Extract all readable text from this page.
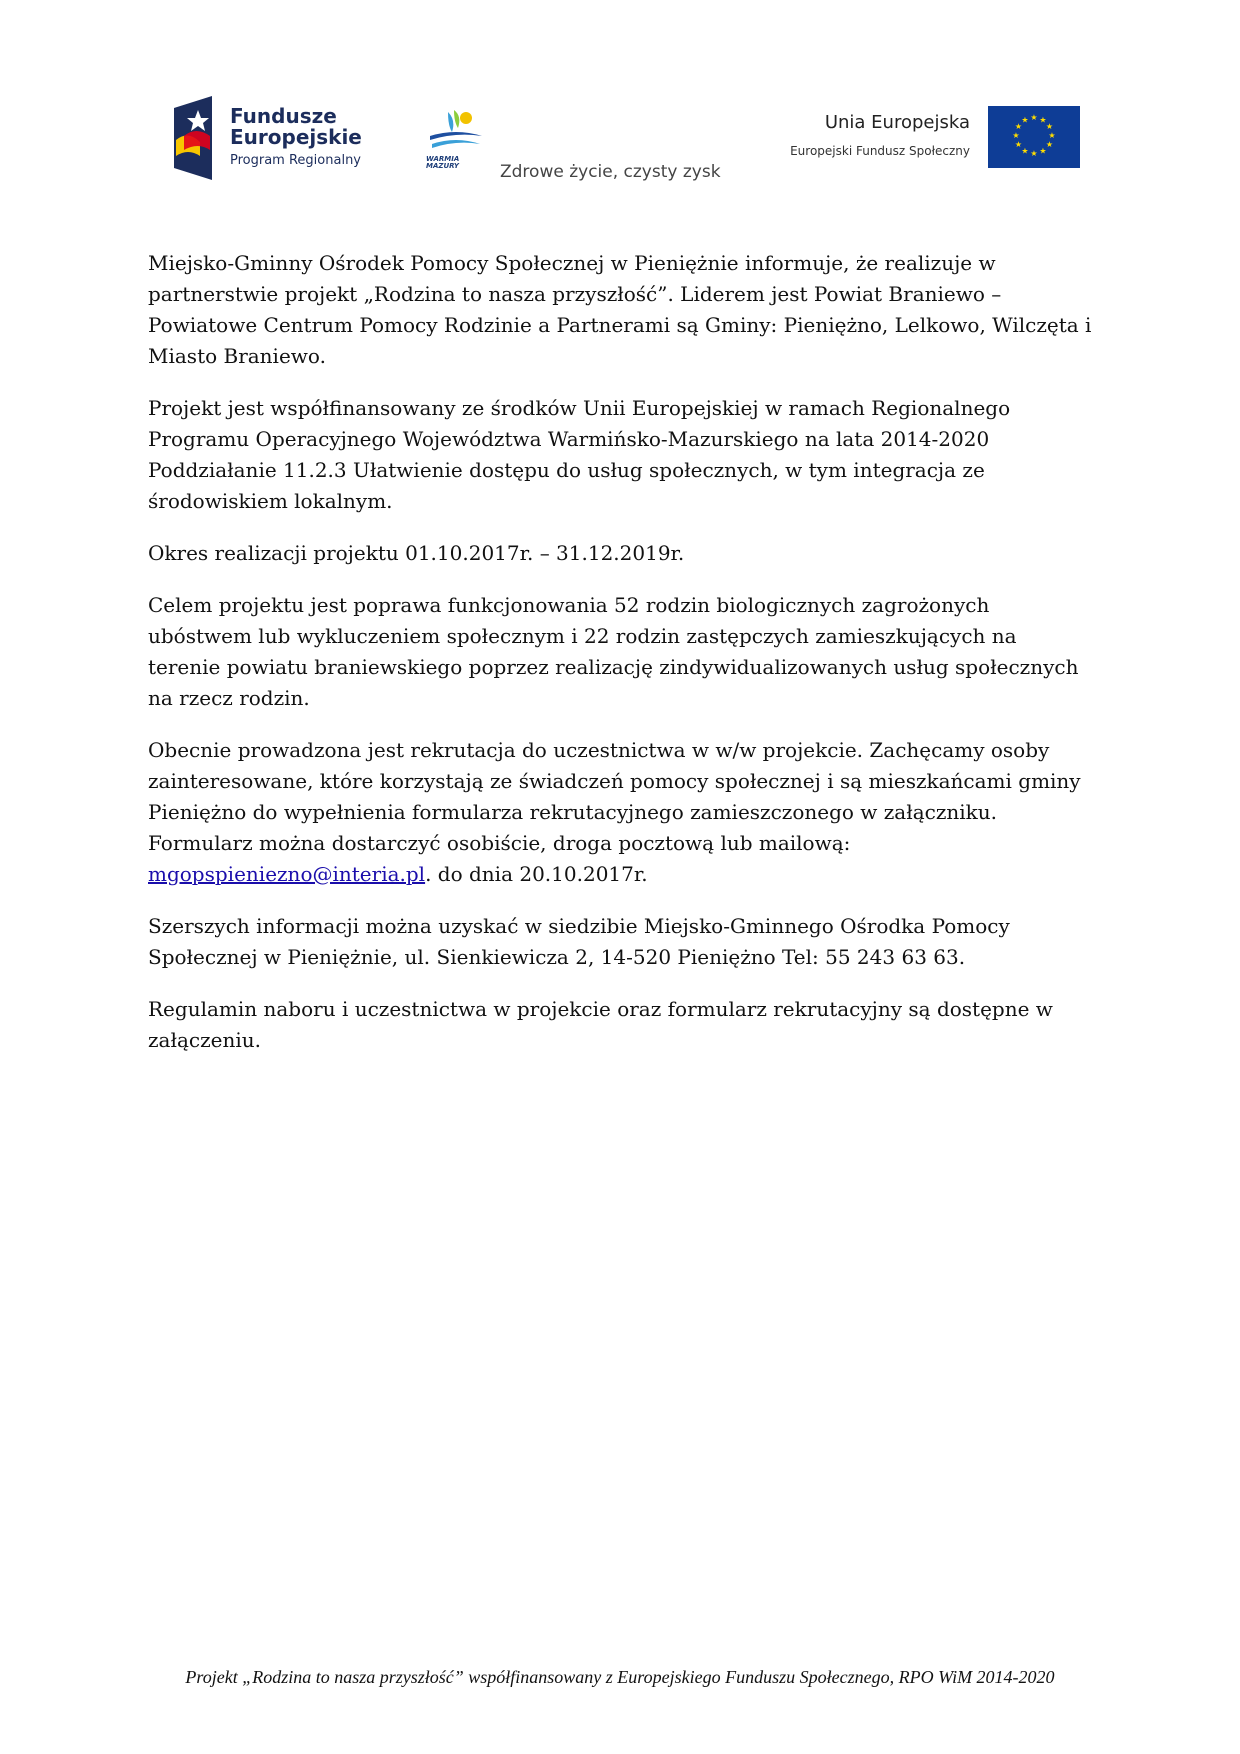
Fundusze
Europejskie
Program Regionalny	WARMIA
MAZURY Zdrowe życie, czysty zysk
Unia Europejska
Europejski Fundusz Społeczny
★ ★
★
★
★
★
★
★
★
★
★
★

Miejsko-Gminny Ośrodek Pomocy Społecznej w Pieniężnie informuje, że realizuje w partnerstwie projekt „Rodzina to nasza przyszłość”. Liderem jest Powiat Braniewo – Powiatowe Centrum Pomocy Rodzinie a Partnerami są Gminy: Pieniężno, Lelkowo, Wilczęta i Miasto Braniewo.

Projekt jest współfinansowany ze środków Unii Europejskiej w ramach Regionalnego Programu Operacyjnego Województwa Warmińsko-Mazurskiego na lata 2014-2020 Poddziałanie 11.2.3 Ułatwienie dostępu do usług społecznych, w tym integracja ze środowiskiem lokalnym.

Okres realizacji projektu 01.10.2017r. – 31.12.2019r.

Celem projektu jest poprawa funkcjonowania 52 rodzin biologicznych zagrożonych ubóstwem lub wykluczeniem społecznym i 22 rodzin zastępczych zamieszkujących na terenie powiatu braniewskiego poprzez realizację zindywidualizowanych usług społecznych na rzecz rodzin.

Obecnie prowadzona jest rekrutacja do uczestnictwa w w/w projekcie. Zachęcamy osoby zainteresowane, które korzystają ze świadczeń pomocy społecznej i są mieszkańcami gminy Pieniężno do wypełnienia formularza rekrutacyjnego zamieszczonego w załączniku. Formularz można dostarczyć osobiście, droga pocztową lub mailową:
mgopspieniezno@interia.pl. do dnia 20.10.2017r.

Szerszych informacji można uzyskać w siedzibie Miejsko-Gminnego Ośrodka Pomocy Społecznej w Pieniężnie, ul. Sienkiewicza 2, 14-520 Pieniężno Tel: 55 243 63 63.

Regulamin naboru i uczestnictwa w projekcie oraz formularz rekrutacyjny są dostępne w załączeniu.

Projekt „Rodzina to nasza przyszłość” współfinansowany z Europejskiego Funduszu Społecznego, RPO WiM 2014-2020
